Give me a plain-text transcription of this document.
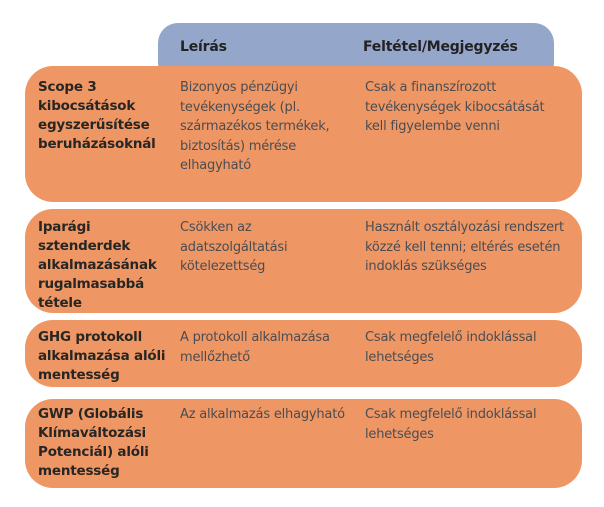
Leírás	Feltétel/Megjegyzés
Scope 3 kibocsátások egyszerűsítése beruházásoknál
Bizonyos pénzügyi tevékenységek (pl. származékos termékek, biztosítás) mérése elhagyható
Csak a finanszírozott tevékenységek kibocsátását kell figyelembe venni
Iparági sztenderdek alkalmazásának rugalmasabbá tétele
Csökken az adatszolgáltatási kötelezettség
Használt osztályozási rendszert közzé kell tenni; eltérés esetén indoklás szükséges
GHG protokoll alkalmazása alóli mentesség
A protokoll alkalmazása mellőzhető
Csak megfelelő indoklással lehetséges
GWP (Globális Klímaváltozási Potenciál) alóli mentesség
Az alkalmazás elhagyható	Csak megfelelő indoklással lehetséges
